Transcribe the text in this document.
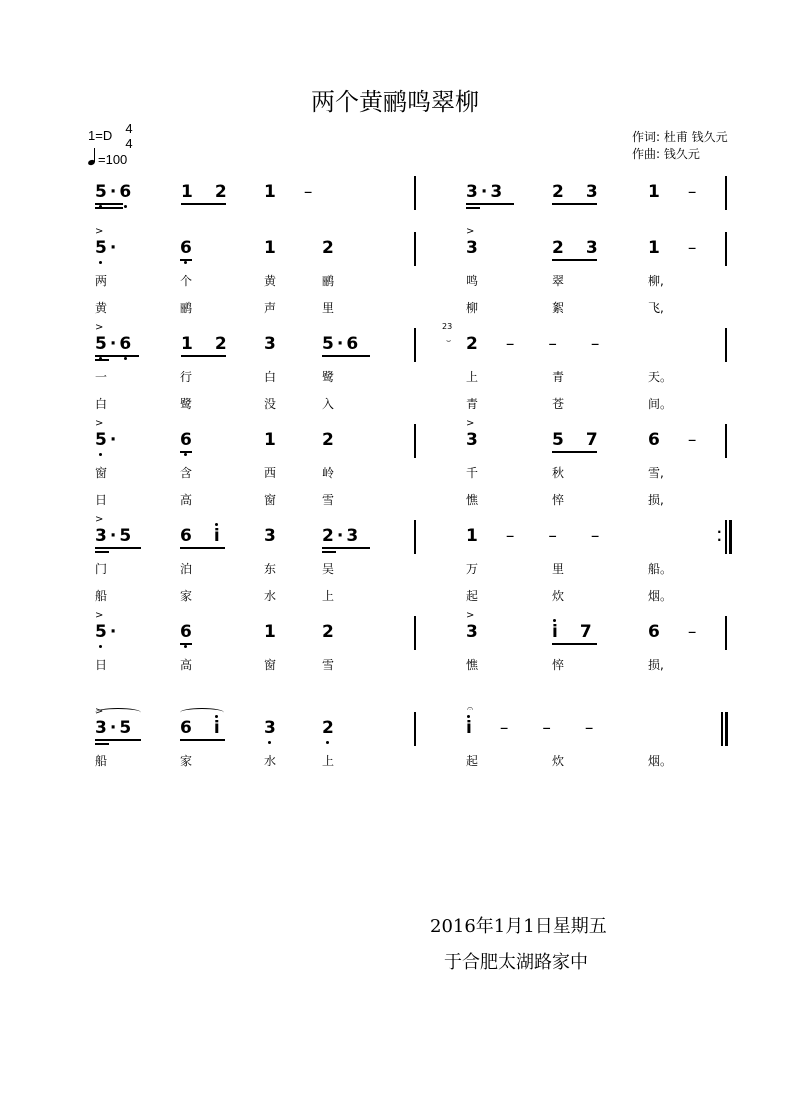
两个黄鹂鸣翠柳
1=D 4
4
=100
作词: 杜甫 钱久元
作曲: 钱久元
5 · 6	1 2 1 –	3 · 3	2 3	1 –
5 ·
>
6	1	2	3
>
2 3	1 –
两	个	黄	鹂	鸣	翠	柳,
黄	鹂	声	里	柳	絮	飞,
5 · 6
>
1 2 3	5 · 6	2 – – –
23
⌣
一	行	白	鹭	上	青	天。
白	鹭	没	入	青	苍	间。
5 ·
>
6	1	2	3
>
5 7	6 –
窗	含	西	岭	千	秋	雪,
日	高	窗	雪	憔	悴	损,
3 · 5
>
6 i	3	2 · 3	1 – – –	·
·
门	泊	东	吴	万	里	船。
船	家	水	上	起	炊	烟。
5 ·
>
6	1	2	3
>
i 7	6 –
日	高	窗	雪	憔	悴	损,
3 · 5
>
6 i	3	2	i – – –
𝄐
船	家	水	上	起	炊	烟。
2016年1月1日星期五
于合肥太湖路家中
